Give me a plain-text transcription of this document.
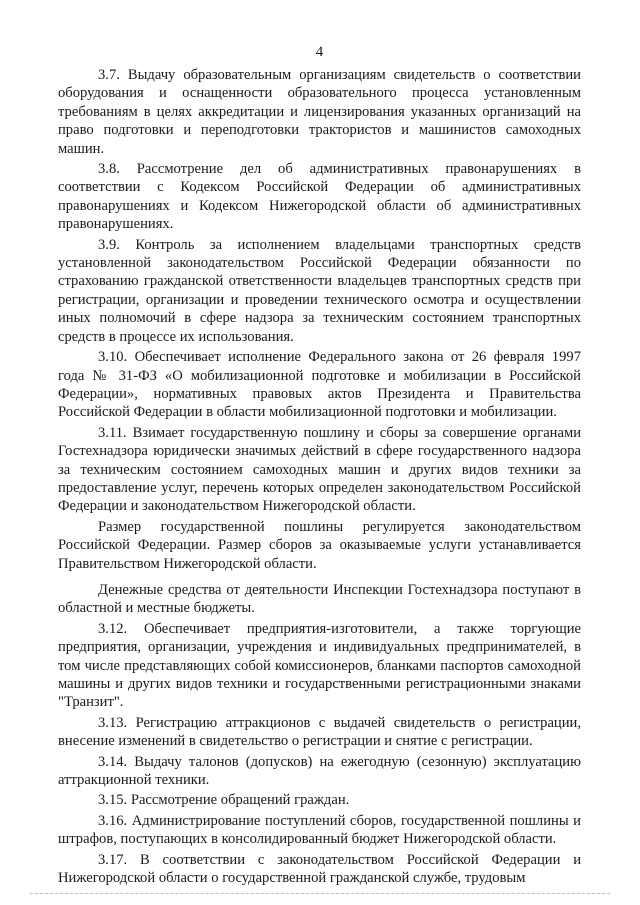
4

3.7. Выдачу образовательным организациям свидетельств о соответствии оборудования и оснащенности образовательного процесса установленным требованиям в целях аккредитации и лицензирования указанных организаций на право подготовки и переподготовки трактористов и машинистов самоходных машин.

3.8. Рассмотрение дел об административных правонарушениях в соответствии с Кодексом Российской Федерации об административных правонарушениях и Кодексом Нижегородской области об административных правонарушениях.

3.9. Контроль за исполнением владельцами транспортных средств установленной законодательством Российской Федерации обязанности по страхованию гражданской ответственности владельцев транспортных средств при регистрации, организации и проведении технического осмотра и осуществлении иных полномочий в сфере надзора за техническим состоянием транспортных средств в процессе их использования.

3.10. Обеспечивает исполнение Федерального закона от 26 февраля 1997 года № 31-ФЗ «О мобилизационной подготовке и мобилизации в Российской Федерации», нормативных правовых актов Президента и Правительства Российской Федерации в области мобилизационной подготовки и мобилизации.

3.11. Взимает государственную пошлину и сборы за совершение органами Гостехнадзора юридически значимых действий в сфере государственного надзора за техническим состоянием самоходных машин и других видов техники за предоставление услуг, перечень которых определен законодательством Российской Федерации и законодательством Нижегородской области.

Размер государственной пошлины регулируется законодательством Российской Федерации. Размер сборов за оказываемые услуги устанавливается Правительством Нижегородской области.

Денежные средства от деятельности Инспекции Гостехнадзора поступают в областной и местные бюджеты.

3.12. Обеспечивает предприятия-изготовители, а также торгующие предприятия, организации, учреждения и индивидуальных предпринимателей, в том числе представляющих собой комиссионеров, бланками паспортов самоходной машины и других видов техники и государственными регистрационными знаками "Транзит".

3.13. Регистрацию аттракционов с выдачей свидетельств о регистрации, внесение изменений в свидетельство о регистрации и снятие с регистрации.

3.14. Выдачу талонов (допусков) на ежегодную (сезонную) эксплуатацию аттракционной техники.

3.15. Рассмотрение обращений граждан.

3.16. Администрирование поступлений сборов, государственной пошлины и штрафов, поступающих в консолидированный бюджет Нижегородской области.

3.17. В соответствии с законодательством Российской Федерации и Нижегородской области о государственной гражданской службе, трудовым
